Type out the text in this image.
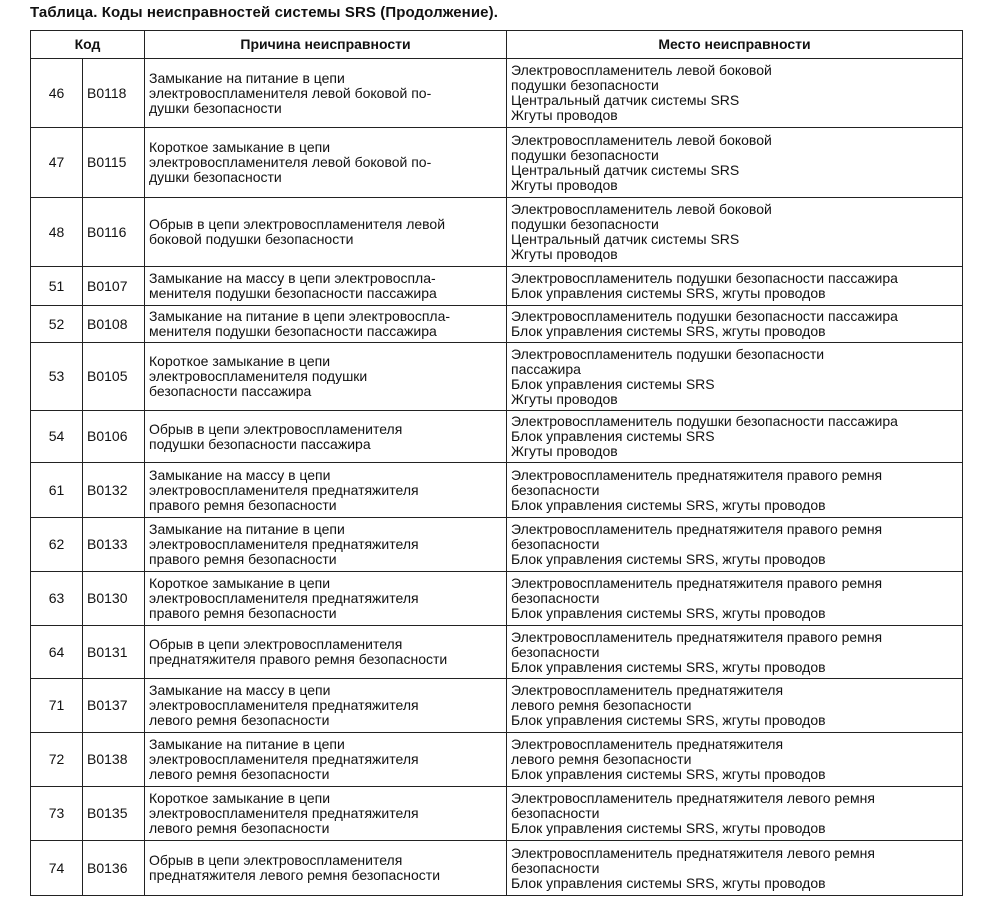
Таблица. Коды неисправностей системы SRS (Продолжение).
Код		Причина неисправности	Место неисправности
46	B0118	Замыкание на питание в цепи
электровоспламенителя левой боковой по-
душки безопасности	Электровоспламенитель левой боковой
подушки безопасности
Центральный датчик системы SRS
Жгуты проводов

47	B0115	Короткое замыкание в цепи
электровоспламенителя левой боковой по-
душки безопасности	Электровоспламенитель левой боковой
подушки безопасности
Центральный датчик системы SRS
Жгуты проводов

48	B0116	Обрыв в цепи электровоспламенителя левой
боковой подушки безопасности	Электровоспламенитель левой боковой
подушки безопасности
Центральный датчик системы SRS
Жгуты проводов

51	B0107	Замыкание на массу в цепи электровоспла-
менителя подушки безопасности пассажира	Электровоспламенитель подушки безопасности пассажира
Блок управления системы SRS, жгуты проводов

52	B0108	Замыкание на питание в цепи электровоспла-
менителя подушки безопасности пассажира	Электровоспламенитель подушки безопасности пассажира
Блок управления системы SRS, жгуты проводов

53	B0105	Короткое замыкание в цепи
электровоспламенителя подушки
безопасности пассажира	Электровоспламенитель подушки безопасности
пассажира
Блок управления системы SRS
Жгуты проводов

54	B0106	Обрыв в цепи электровоспламенителя
подушки безопасности пассажира	Электровоспламенитель подушки безопасности пассажира
Блок управления системы SRS
Жгуты проводов

61	B0132	Замыкание на массу в цепи
электровоспламенителя преднатяжителя
правого ремня безопасности	Электровоспламенитель преднатяжителя правого ремня
безопасности
Блок управления системы SRS, жгуты проводов

62	B0133	Замыкание на питание в цепи
электровоспламенителя преднатяжителя
правого ремня безопасности	Электровоспламенитель преднатяжителя правого ремня
безопасности
Блок управления системы SRS, жгуты проводов

63	B0130	Короткое замыкание в цепи
электровоспламенителя преднатяжителя
правого ремня безопасности	Электровоспламенитель преднатяжителя правого ремня
безопасности
Блок управления системы SRS, жгуты проводов

64	B0131	Обрыв в цепи электровоспламенителя
преднатяжителя правого ремня безопасности	Электровоспламенитель преднатяжителя правого ремня
безопасности
Блок управления системы SRS, жгуты проводов

71	B0137	Замыкание на массу в цепи
электровоспламенителя преднатяжителя
левого ремня безопасности	Электровоспламенитель преднатяжителя
левого ремня безопасности
Блок управления системы SRS, жгуты проводов

72	B0138	Замыкание на питание в цепи
электровоспламенителя преднатяжителя
левого ремня безопасности	Электровоспламенитель преднатяжителя
левого ремня безопасности
Блок управления системы SRS, жгуты проводов

73	B0135	Короткое замыкание в цепи
электровоспламенителя преднатяжителя
левого ремня безопасности	Электровоспламенитель преднатяжителя левого ремня
безопасности
Блок управления системы SRS, жгуты проводов

74	B0136	Обрыв в цепи электровоспламенителя
преднатяжителя левого ремня безопасности	Электровоспламенитель преднатяжителя левого ремня
безопасности
Блок управления системы SRS, жгуты проводов
